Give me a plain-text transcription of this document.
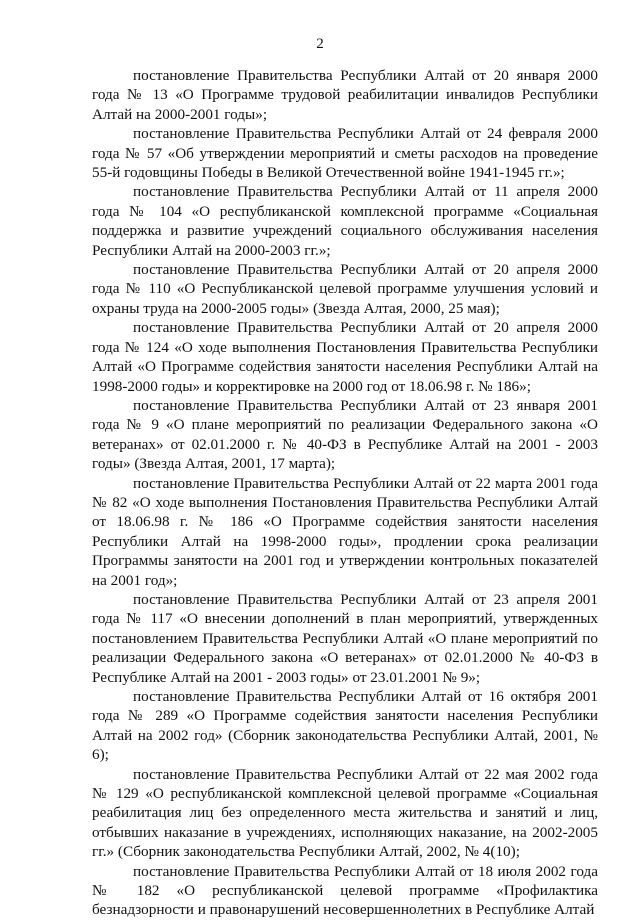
2

постановление Правительства Республики Алтай от 20 января 2000 года № 13 «О Программе трудовой реабилитации инвалидов Республики Алтай на 2000-2001 годы»;

постановление Правительства Республики Алтай от 24 февраля 2000 года № 57 «Об утверждении мероприятий и сметы расходов на проведение 55-й годовщины Победы в Великой Отечественной войне 1941-1945 гг.»;

постановление Правительства Республики Алтай от 11 апреля 2000 года № 104 «О республиканской комплексной программе «Социальная поддержка и развитие учреждений социального обслуживания населения Республики Алтай на 2000-2003 гг.»;

постановление Правительства Республики Алтай от 20 апреля 2000 года № 110 «О Республиканской целевой программе улучшения условий и охраны труда на 2000-2005 годы» (Звезда Алтая, 2000, 25 мая);

постановление Правительства Республики Алтай от 20 апреля 2000 года № 124 «О ходе выполнения Постановления Правительства Республики Алтай «О Программе содействия занятости населения Республики Алтай на 1998-2000 годы» и корректировке на 2000 год от 18.06.98 г. № 186»;

постановление Правительства Республики Алтай от 23 января 2001 года № 9 «О плане мероприятий по реализации Федерального закона «О ветеранах» от 02.01.2000 г. № 40-ФЗ в Республике Алтай на 2001 - 2003 годы» (Звезда Алтая, 2001, 17 марта);

постановление Правительства Республики Алтай от 22 марта 2001 года № 82 «О ходе выполнения Постановления Правительства Республики Алтай от 18.06.98 г. № 186 «О Программе содействия занятости населения Республики Алтай на 1998-2000 годы», продлении срока реализации Программы занятости на 2001 год и утверждении контрольных показателей на 2001 год»;

постановление Правительства Республики Алтай от 23 апреля 2001 года № 117 «О внесении дополнений в план мероприятий, утвержденных постановлением Правительства Республики Алтай «О плане мероприятий по реализации Федерального закона «О ветеранах» от 02.01.2000 № 40-ФЗ в Республике Алтай на 2001 - 2003 годы» от 23.01.2001 № 9»;

постановление Правительства Республики Алтай от 16 октября 2001 года № 289 «О Программе содействия занятости населения Республики Алтай на 2002 год» (Сборник законодательства Республики Алтай, 2001, № 6);

постановление Правительства Республики Алтай от 22 мая 2002 года № 129 «О республиканской комплексной целевой программе «Социальная реабилитация лиц без определенного места жительства и занятий и лиц, отбывших наказание в учреждениях, исполняющих наказание, на 2002-2005 гг.» (Сборник законодательства Республики Алтай, 2002, № 4(10);

постановление Правительства Республики Алтай от 18 июля 2002 года № 182 «О республиканской целевой программе «Профилактика безнадзорности и правонарушений несовершеннолетних в Республике Алтай
